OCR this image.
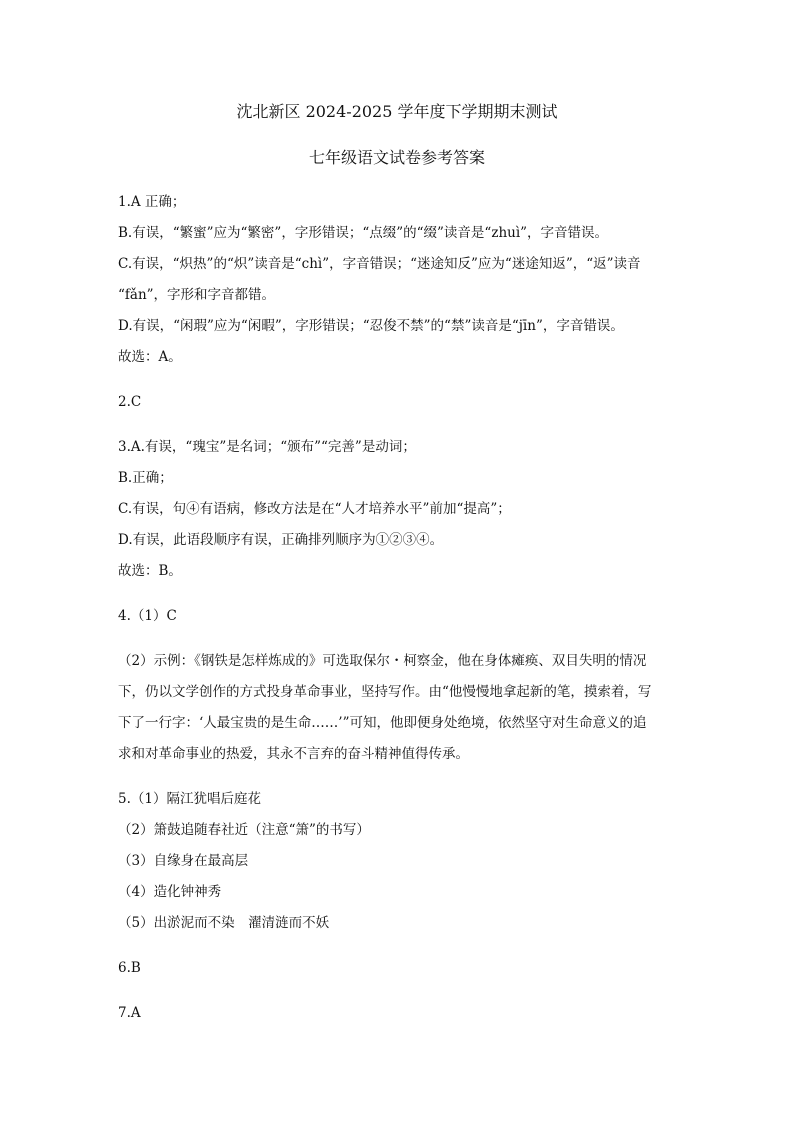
沈北新区 2024-2025 学年度下学期期末测试
七年级语文试卷参考答案
1.A 正确；
B.有误，“繁蜜”应为“繁密”，字形错误；“点缀”的“缀”读音是“zhuì”，字音错误。
C.有误，“炽热”的“炽”读音是“chì”，字音错误；“迷途知反”应为“迷途知返”，“返”读音
“fǎn”，字形和字音都错。
D.有误，“闲瑕”应为“闲暇”，字形错误；“忍俊不禁”的“禁”读音是“jīn”，字音错误。
故选：A。
2.C
3.A.有误，“瑰宝”是名词；“颁布”“完善”是动词；
B.正确；
C.有误，句④有语病，修改方法是在“人才培养水平”前加“提高”；
D.有误，此语段顺序有误，正确排列顺序为①②③④。
故选：B。
4.（1）C
（2）示例：《钢铁是怎样炼成的》可选取保尔・柯察金，他在身体瘫痪、双目失明的情况
下，仍以文学创作的方式投身革命事业，坚持写作。由“他慢慢地拿起新的笔，摸索着，写
下了一行字：‘人最宝贵的是生命……’”可知，他即便身处绝境，依然坚守对生命意义的追
求和对革命事业的热爱，其永不言弃的奋斗精神值得传承。
5.（1）隔江犹唱后庭花
（2）箫鼓追随春社近（注意“箫”的书写）
（3）自缘身在最高层
（4）造化钟神秀
（5）出淤泥而不染　濯清涟而不妖
6.B
7.A
